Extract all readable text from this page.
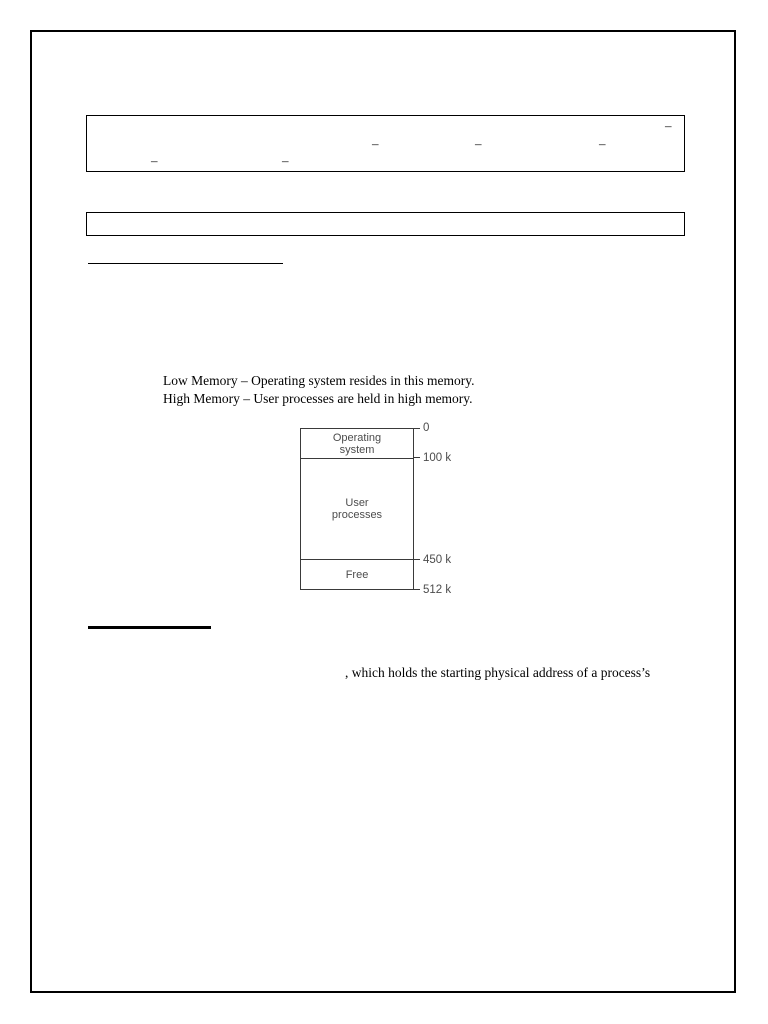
–
–	–	–
–	–
Low Memory – Operating system resides in this memory.
High Memory – User processes are held in high memory.
Operating system
User processes
Free
0
100 k
450 k
512 k
, which holds the starting physical address of a process’s
